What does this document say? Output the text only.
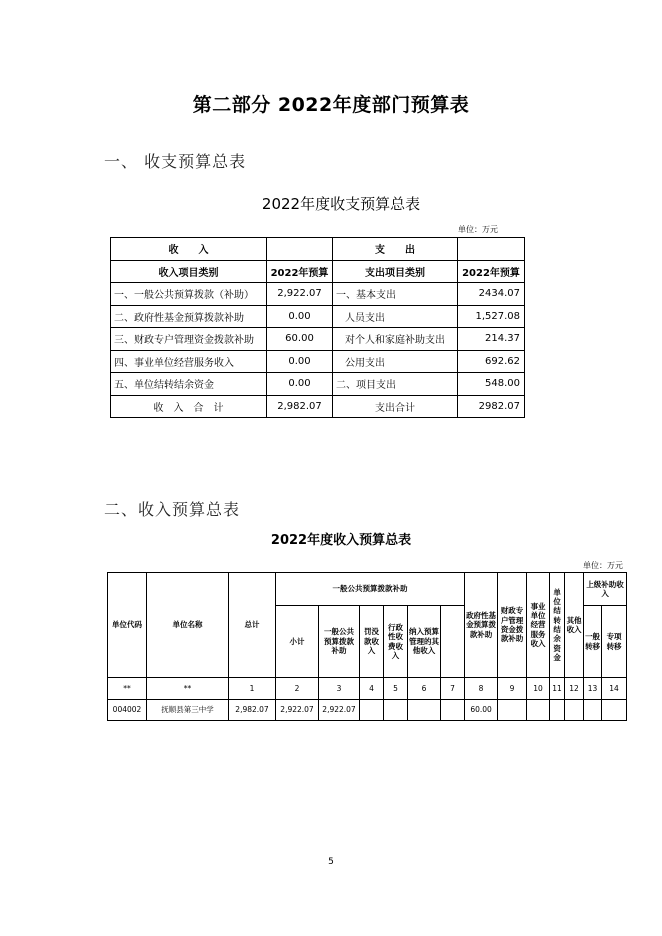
第二部分 2022年度部门预算表
一、 收支预算总表
2022年度收支预算总表
单位：万元
收　　入		支　　出	
收入项目类别	2022年预算	支出项目类别	2022年预算
一、一般公共预算拨款（补助）	2,922.07	一、基本支出	2434.07
二、政府性基金预算拨款补助	0.00	人员支出	1,527.08
三、财政专户管理资金拨款补助	60.00	对个人和家庭补助支出	214.37
四、事业单位经营服务收入	0.00	公用支出	692.62
五、单位结转结余资金	0.00	二、项目支出	548.00
收　入　合　计	2,982.07	支出合计	2982.07
二、收入预算总表
2022年度收入预算总表
单位：万元
单位代码	单位名称	总计	一般公共预算拨款补助						政府性基金预算拨款补助	财政专户管理资金拨款补助	事业单位经营服务收入	单位结转结余资金	其他收入	上级补助收入	
			小计	一般公共预算拨款补助	罚没款收入	行政性收费收入	纳入预算管理的其他收入							一般转移	专项转移	
**	**	1	2	3	4	5	6	7	8	9	10	11	12	13	14	
004002	抚顺县第三中学	2,982.07	2,922.07	2,922.07					60.00							
5
